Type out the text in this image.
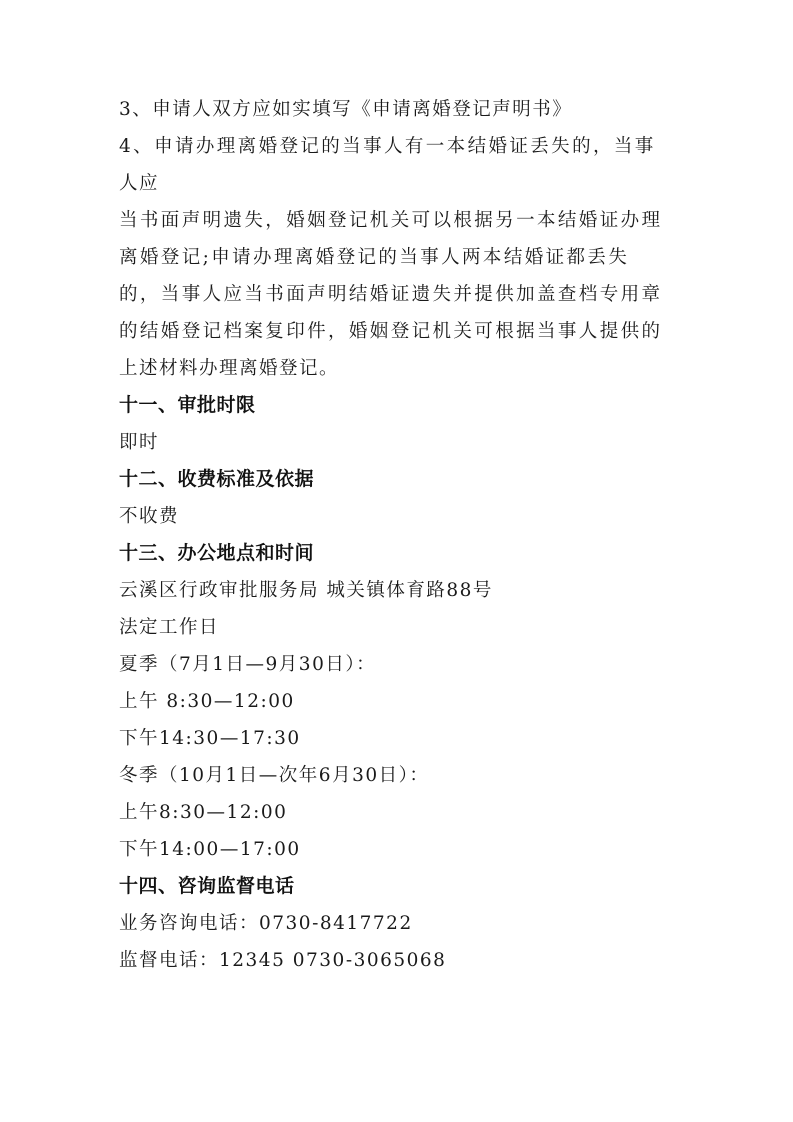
3、申请人双方应如实填写《申请离婚登记声明书》
4、申请办理离婚登记的当事人有一本结婚证丢失的，当事
人应
当书面声明遗失，婚姻登记机关可以根据另一本结婚证办理
离婚登记;申请办理离婚登记的当事人两本结婚证都丢失
的，当事人应当书面声明结婚证遗失并提供加盖查档专用章
的结婚登记档案复印件，婚姻登记机关可根据当事人提供的
上述材料办理离婚登记。
十一、审批时限
即时
十二、收费标准及依据
不收费
十三、办公地点和时间
云溪区行政审批服务局 城关镇体育路88号
法定工作日
夏季（7月1日—9月30日）：
上午 8:30—12:00
下午14:30—17:30
冬季（10月1日—次年6月30日）：
上午8:30—12:00
下午14:00—17:00
十四、咨询监督电话
业务咨询电话：0730-8417722
监督电话：12345 0730-3065068
